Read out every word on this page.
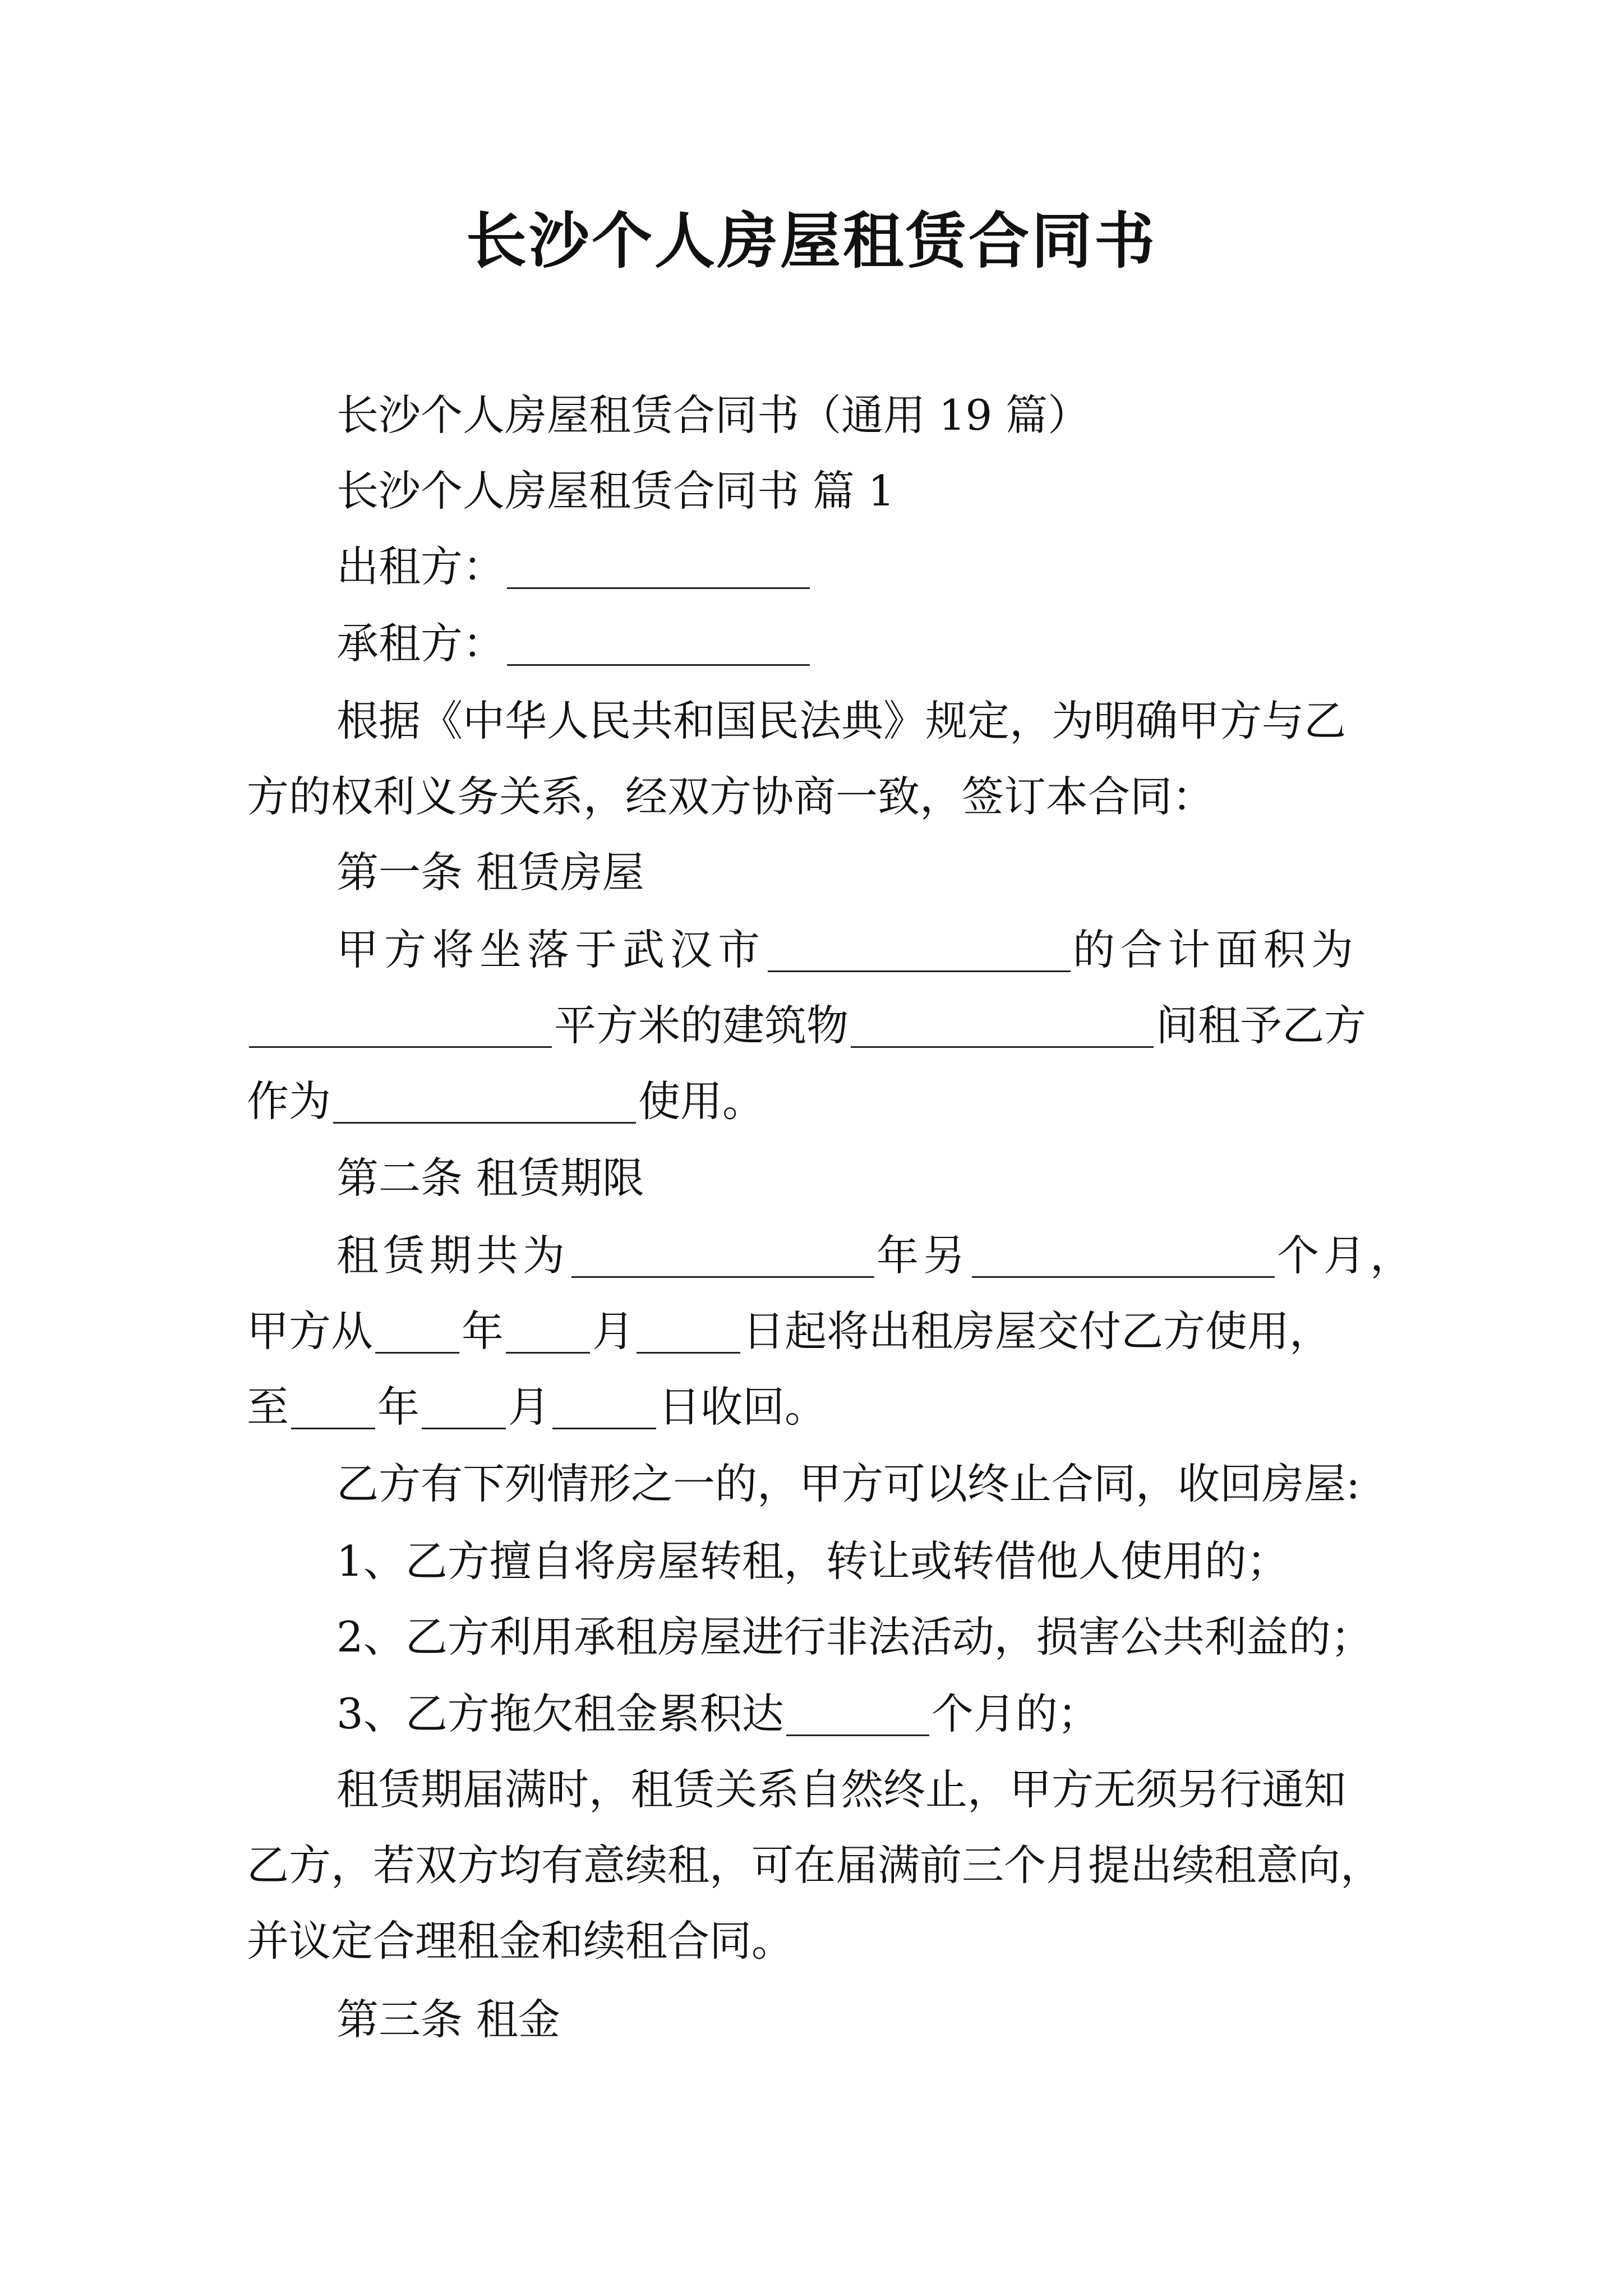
长沙个人房屋租赁合同书
长沙个人房屋租赁合同书（通用 19 篇）
长沙个人房屋租赁合同书 篇 1
出租方：
承租方：
根据《中华人民共和国民法典》规定，为明确甲方与乙
方的权利义务关系，经双方协商一致，签订本合同：
第一条 租赁房屋
甲方将坐落于武汉市	的合计面积为
平方米的建筑物	间租予乙方
作为	使用。
第二条 租赁期限
租赁期共为	年另	个月，
甲方从 年 月	日起将出租房屋交付乙方使用，
至 年 月	日收回。
乙方有下列情形之一的，甲方可以终止合同，收回房屋:
1、乙方擅自将房屋转租，转让或转借他人使用的；
2、乙方利用承租房屋进行非法活动，损害公共利益的；
3、乙方拖欠租金累积达	个月的；
租赁期届满时，租赁关系自然终止，甲方无须另行通知
乙方，若双方均有意续租，可在届满前三个月提出续租意向，
并议定合理租金和续租合同。
第三条 租金
